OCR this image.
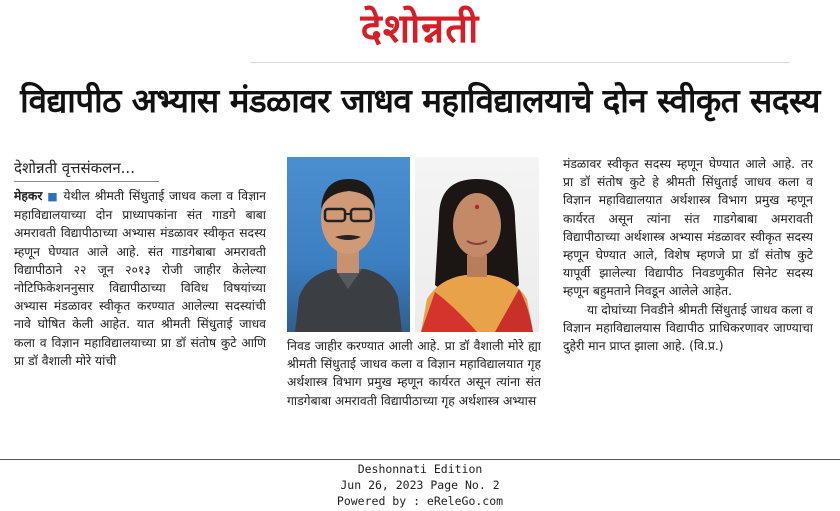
देशोन्नती
विद्यापीठ अभ्यास मंडळावर जाधव महाविद्यालयाचे दोन स्वीकृत सदस्य
देशोन्नती वृत्तसंकलन...
मेहकर ■ येथील श्रीमती सिंधुताई जाधव कला व विज्ञान महाविद्यालयाच्या दोन प्राध्यापकांना संत गाडगे बाबा अमरावती विद्यापीठाच्या अभ्यास मंडळावर स्वीकृत सदस्य म्हणून घेण्यात आले आहे. संत गाडगेबाबा अमरावती विद्यापीठाने २२ जून २०१३ रोजी जाहीर केलेल्या नोटिफिकेशननुसार विद्यापीठाच्या विविध विषयांच्या अभ्यास मंडळावर स्वीकृत करण्यात आलेल्या सदस्यांची नावे घोषित केली आहेत. यात श्रीमती सिंधुताई जाधव कला व विज्ञान महाविद्यालयाच्या प्रा डॉ संतोष कुटे आणि प्रा डॉ वैशाली मोरे यांची
निवड जाहीर करण्यात आली आहे. प्रा डॉ वैशाली मोरे ह्या श्रीमती सिंधुताई जाधव कला व विज्ञान महाविद्यालयात गृह अर्थशास्त्र विभाग प्रमुख म्हणून कार्यरत असून त्यांना संत गाडगेबाबा अमरावती विद्यापीठाच्या गृह अर्थशास्त्र अभ्यास
मंडळावर स्वीकृत सदस्य म्हणून घेण्यात आले आहे. तर प्रा डॉ संतोष कुटे हे श्रीमती सिंधुताई जाधव कला व विज्ञान महाविद्यालयात अर्थशास्त्र विभाग प्रमुख म्हणून कार्यरत असून त्यांना संत गाडगेबाबा अमरावती विद्यापीठाच्या अर्थशास्त्र अभ्यास मंडळावर स्वीकृत सदस्य म्हणून घेण्यात आले, विशेष म्हणजे प्रा डॉ संतोष कुटे यापूर्वी झालेल्या विद्यापीठ निवडणुकीत सिनेट सदस्य म्हणून बहुमताने निवडून आलेले आहेत.
या दोघांच्या निवडीने श्रीमती सिंधुताई जाधव कला व विज्ञान महाविद्यालयास विद्यापीठ प्राधिकरणावर जाण्याचा दुहेरी मान प्राप्त झाला आहे. (वि.प्र.)
Deshonnati Edition
Jun 26, 2023 Page No. 2
Powered by : eReleGo.com
